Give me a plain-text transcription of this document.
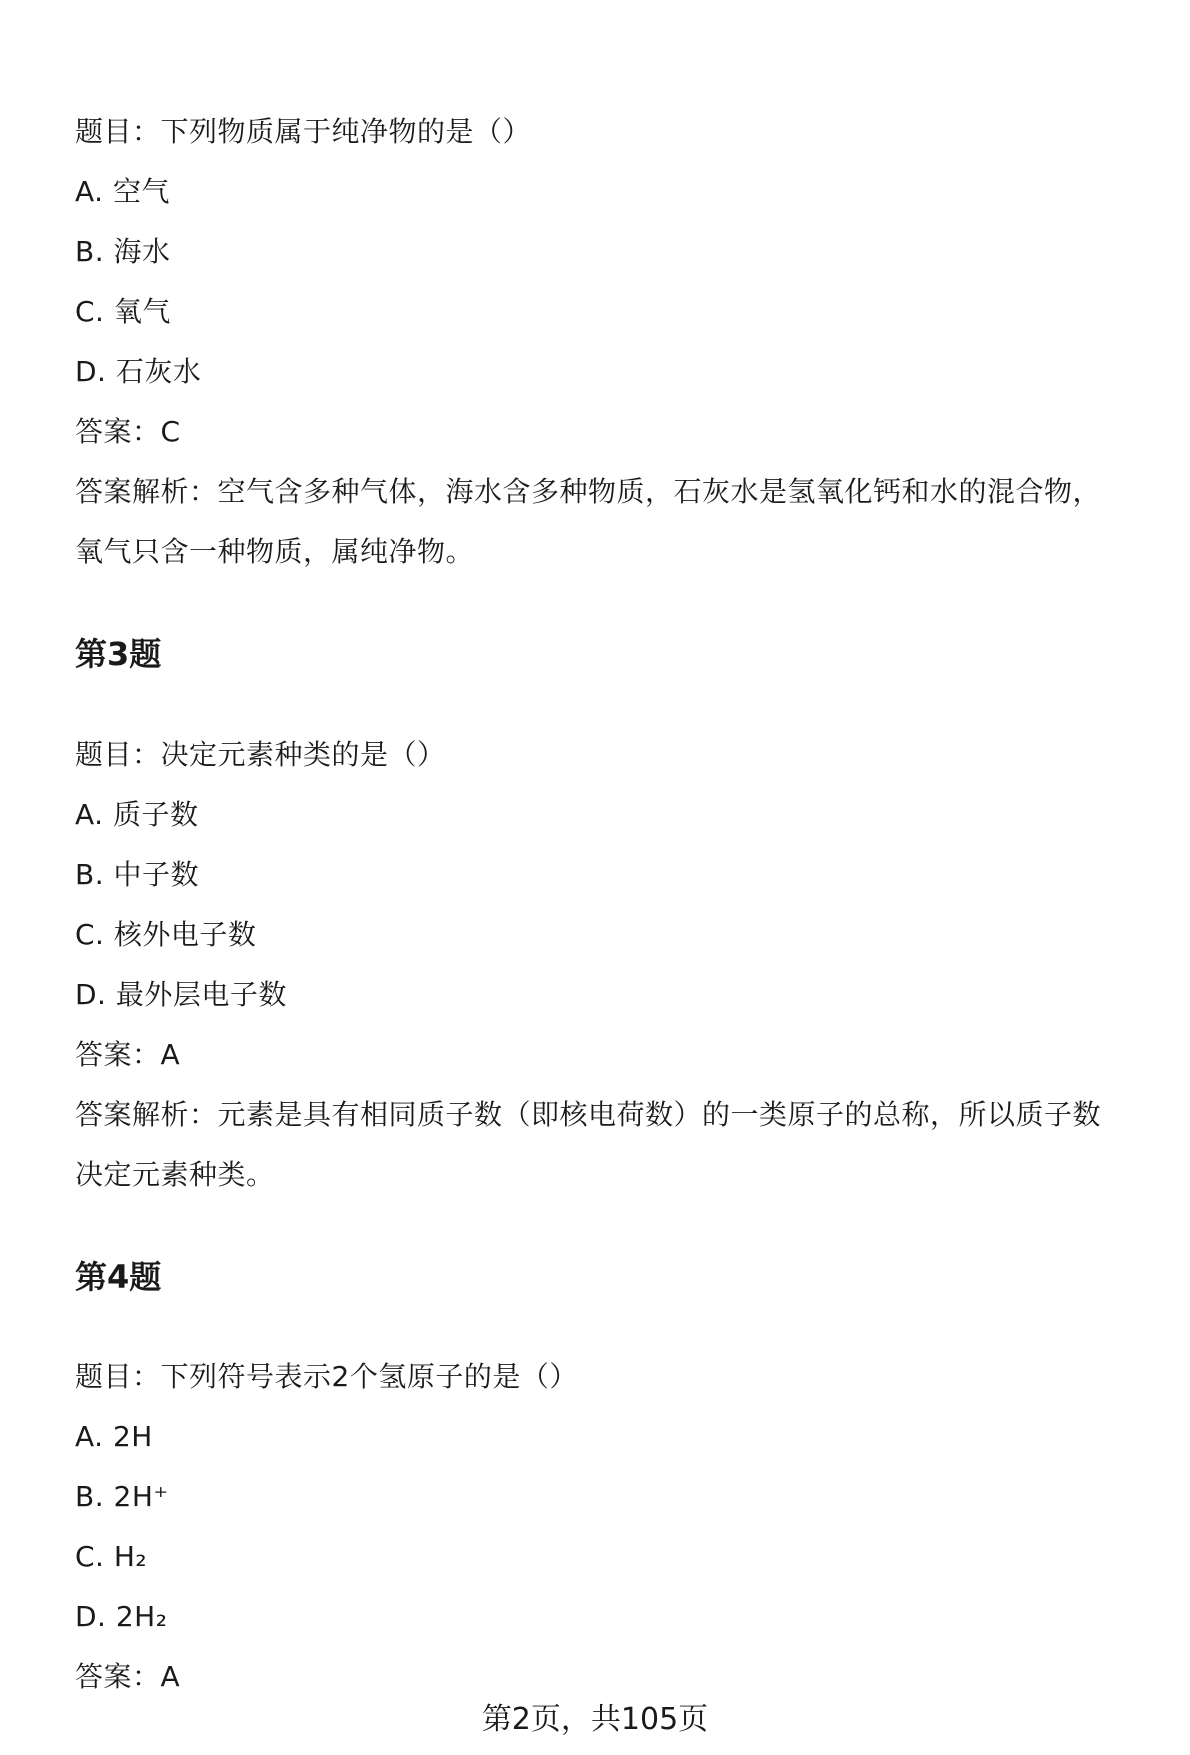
题目：下列物质属于纯净物的是（）
A. 空气
B. 海水
C. 氧气
D. 石灰水
答案：C
答案解析：空气含多种气体，海水含多种物质，石灰水是氢氧化钙和水的混合物，
氧气只含一种物质，属纯净物。
第3题
题目：决定元素种类的是（）
A. 质子数
B. 中子数
C. 核外电子数
D. 最外层电子数
答案：A
答案解析：元素是具有相同质子数（即核电荷数）的一类原子的总称，所以质子数
决定元素种类。
第4题
题目：下列符号表示2个氢原子的是（）
A. 2H
B. 2H⁺
C. H₂
D. 2H₂
答案：A
第2页，共105页
